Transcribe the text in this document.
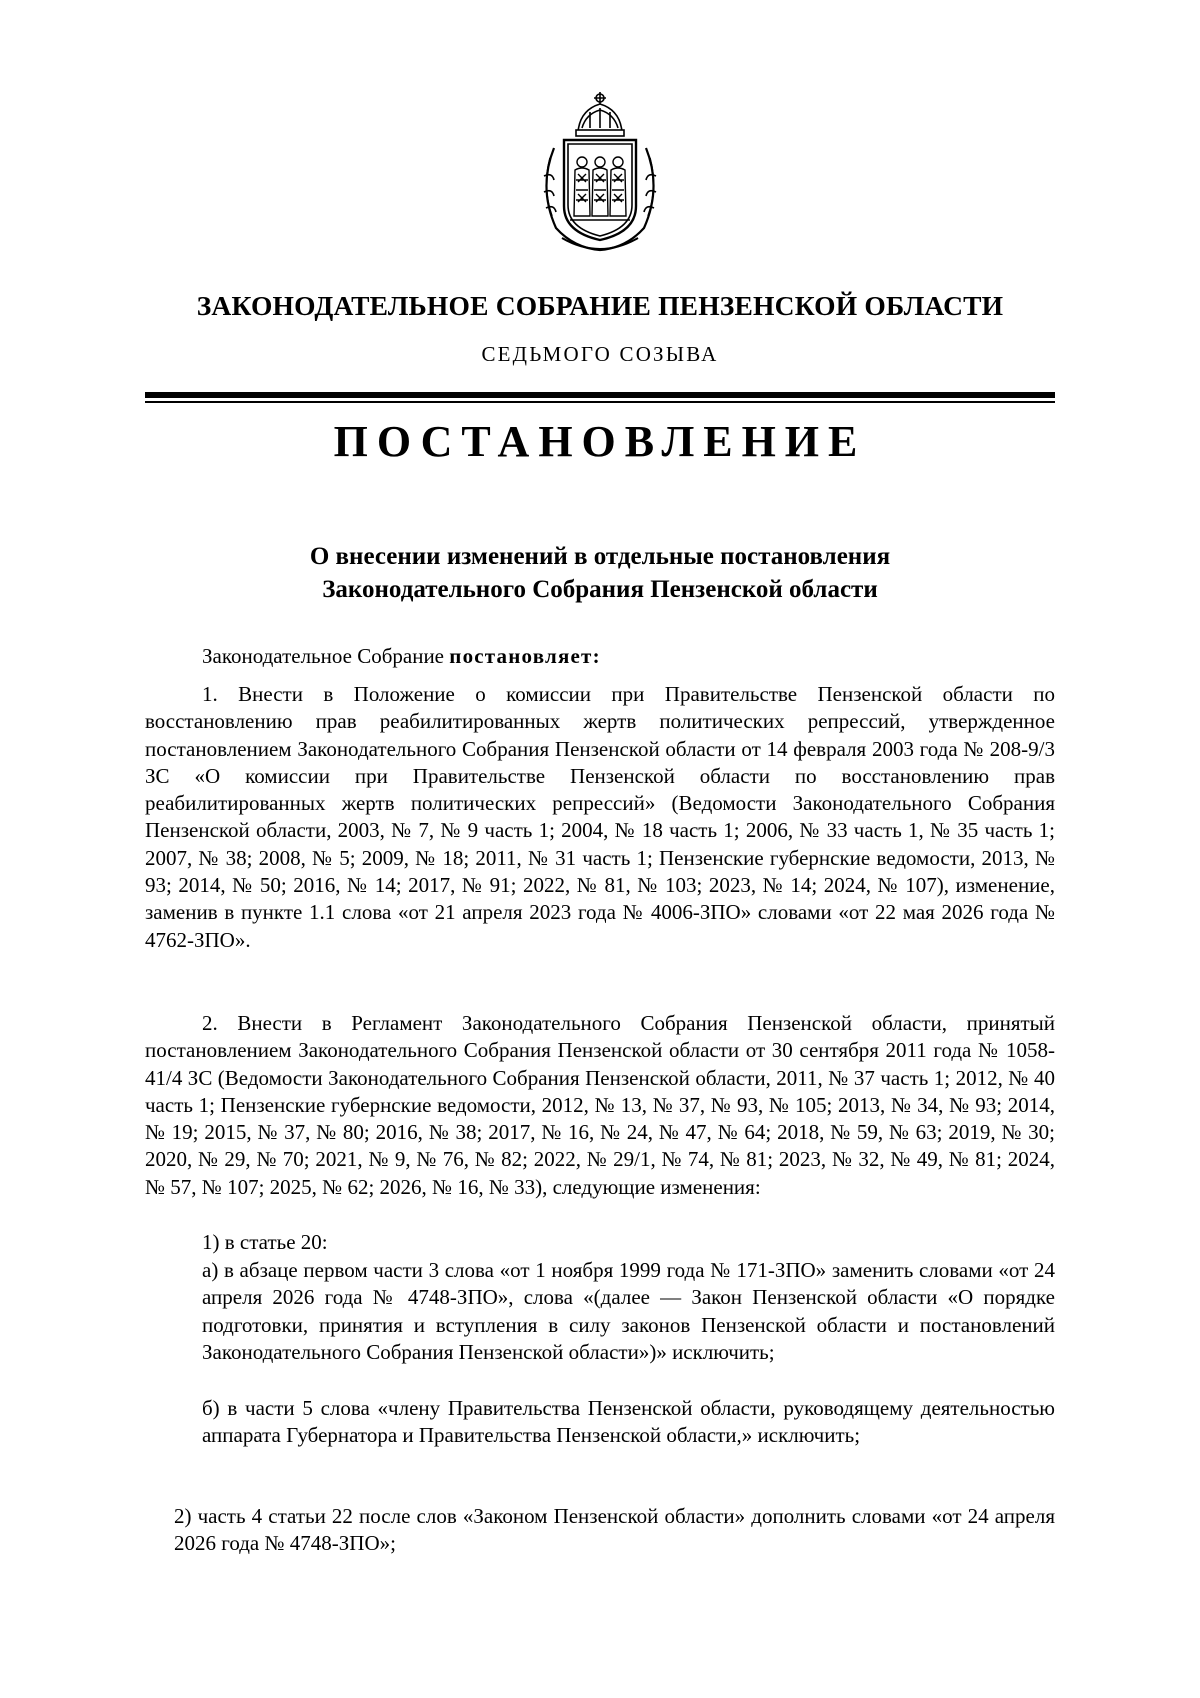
ЗАКОНОДАТЕЛЬНОЕ СОБРАНИЕ ПЕНЗЕНСКОЙ ОБЛАСТИ
СЕДЬМОГО СОЗЫВА
ПОСТАНОВЛЕНИЕ
О внесении изменений в отдельные постановления
Законодательного Собрания Пензенской области
Законодательное Собрание постановляет:

1. Внести в Положение о комиссии при Правительстве Пензенской области по восстановлению прав реабилитированных жертв политических репрессий, утвержденное постановлением Законодательного Собрания Пензенской области от 14 февраля 2003 года № 208-9/3 ЗС «О комиссии при Правительстве Пензенской области по восстановлению прав реабилитированных жертв политических репрессий» (Ведомости Законодательного Собрания Пензенской области, 2003, № 7, № 9 часть 1; 2004, № 18 часть 1; 2006, № 33 часть 1, № 35 часть 1; 2007, № 38; 2008, № 5; 2009, № 18; 2011, № 31 часть 1; Пензенские губернские ведомости, 2013, № 93; 2014, № 50; 2016, № 14; 2017, № 91; 2022, № 81, № 103; 2023, № 14; 2024, № 107), изменение, заменив в пункте 1.1 слова «от 21 апреля 2023 года № 4006-ЗПО» словами «от 22 мая 2026 года № 4762-ЗПО».

2. Внести в Регламент Законодательного Собрания Пензенской области, принятый постановлением Законодательного Собрания Пензенской области от 30 сентября 2011 года № 1058-41/4 ЗС (Ведомости Законодательного Собрания Пензенской области, 2011, № 37 часть 1; 2012, № 40 часть 1; Пензенские губернские ведомости, 2012, № 13, № 37, № 93, № 105; 2013, № 34, № 93; 2014, № 19; 2015, № 37, № 80; 2016, № 38; 2017, № 16, № 24, № 47, № 64; 2018, № 59, № 63; 2019, № 30; 2020, № 29, № 70; 2021, № 9, № 76, № 82; 2022, № 29/1, № 74, № 81; 2023, № 32, № 49, № 81; 2024, № 57, № 107; 2025, № 62; 2026, № 16, № 33), следующие изменения:

1) в статье 20:

а) в абзаце первом части 3 слова «от 1 ноября 1999 года № 171-ЗПО» заменить словами «от 24 апреля 2026 года № 4748-ЗПО», слова «(далее — Закон Пензенской области «О порядке подготовки, принятия и вступления в силу законов Пензенской области и постановлений Законодательного Собрания Пензенской области»)» исключить;

б) в части 5 слова «члену Правительства Пензенской области, руководящему деятельностью аппарата Губернатора и Правительства Пензенской области,» исключить;

2) часть 4 статьи 22 после слов «Законом Пензенской области» дополнить словами «от 24 апреля 2026 года № 4748-ЗПО»;
